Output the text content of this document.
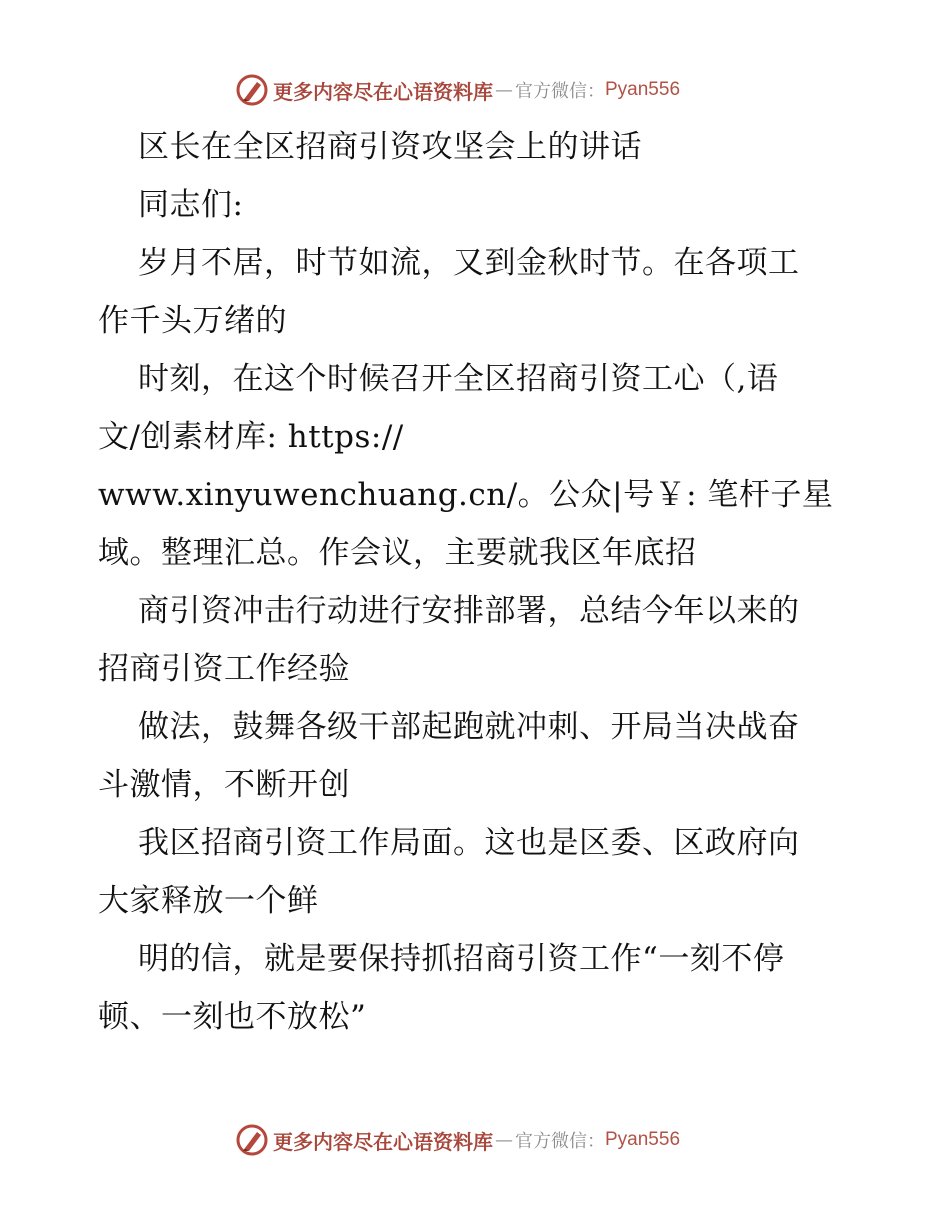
更多内容尽在心语资料库 — 官方微信： Pyan556
区长在全区招商引资攻坚会上的讲话
同志们:
岁月不居，时节如流，又到金秋时节。在各项工
作千头万绪的
时刻，在这个时候召开全区招商引资工心（,语
文/创素材库: https://
www.xinyuwenchuang.cn/。公众|号￥: 笔杆子星
域。整理汇总。作会议，主要就我区年底招
商引资冲击行动进行安排部署，总结今年以来的
招商引资工作经验
做法，鼓舞各级干部起跑就冲刺、开局当决战奋
斗激情，不断开创
我区招商引资工作局面。这也是区委、区政府向
大家释放一个鲜
明的信，就是要保持抓招商引资工作“一刻不停
顿、一刻也不放松”
更多内容尽在心语资料库 — 官方微信： Pyan556
